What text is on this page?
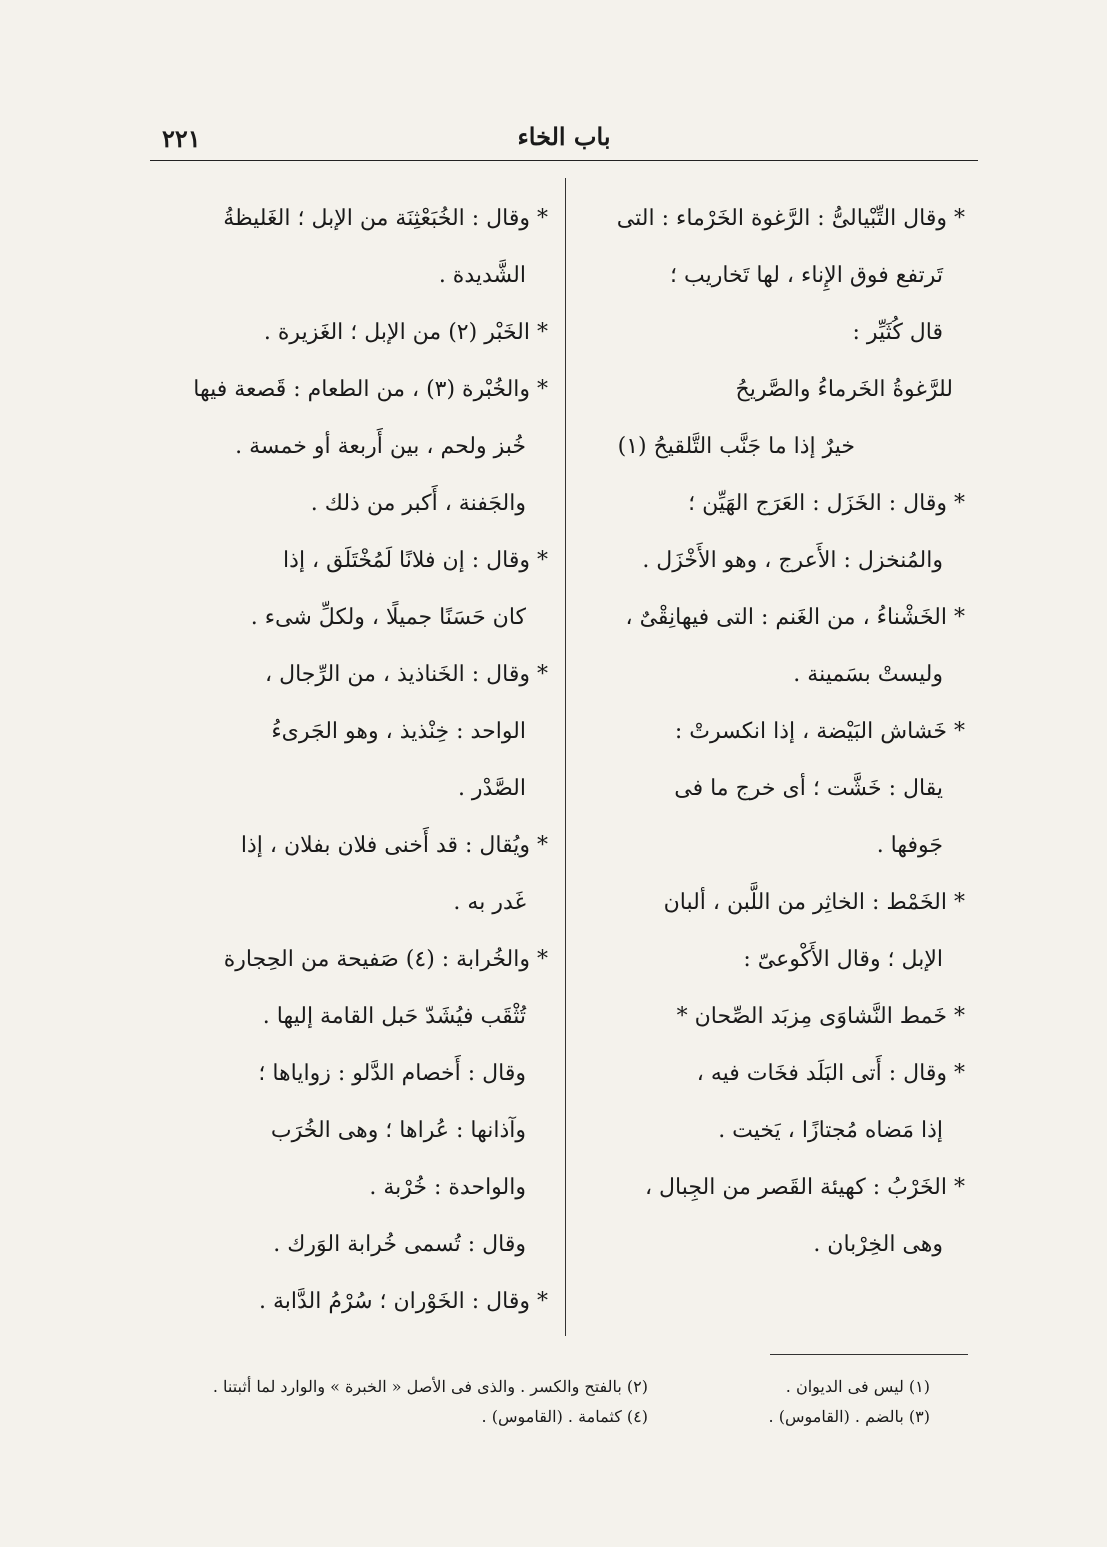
باب الخاء
٢٢١
* وقال التِّبْيالىُّ : الرَّغوة الخَرْماء : التى
تَرتفع فوق الإِناء ، لها تَخاريب ؛
قال كُثَيِّر :
للرَّغوةُ الخَرماءُ والصَّريحُ
خيرٌ إذا ما جَنَّب التَّلقيحُ (١)
* وقال : الخَزَل : العَرَج الهَيِّن ؛
والمُنخزل : الأَعرج ، وهو الأَخْزَل .
* الخَشْناءُ ، من الغَنم : التى فيهانِقْىٌ ،
وليستْ بسَمينة .
* خَشاش البَيْضة ، إذا انكسرتْ :
يقال : خَشَّت ؛ أى خرج ما فى
جَوفها .
* الخَمْط : الخاثِر من اللَّبن ، ألبان
الإبل ؛ وقال الأَكْوعىّ :
* خَمط النَّشاوَى مِزبَد الصِّحان *
* وقال : أَتى البَلَد فخَات فيه ،
إذا مَضاه مُجتازًا ، يَخيت .
* الخَرْبُ : كهيئة القَصر من الجِبال ،
وهى الخِرْبان .
* وقال : الخُبَعْثِنَة من الإبل ؛ الغَليظةُ
الشَّديدة .
* الخَبْر (٢) من الإبل ؛ الغَزيرة .
* والخُبْرة (٣) ، من الطعام : قَصعة فيها
خُبز ولحم ، بين أَربعة أو خمسة .
والجَفنة ، أَكبر من ذلك .
* وقال : إن فلانًا لَمُخْتَلَق ، إذا
كان حَسَنًا جميلًا ، ولكلِّ شىء .
* وقال : الخَناذيذ ، من الرِّجال ،
الواحد : خِنْذيذ ، وهو الجَرىءُ
الصَّدْر .
* ويُقال : قد أَخنى فلان بفلان ، إذا
غَدر به .
* والخُرابة : (٤) صَفيحة من الحِجارة
تُثْقَب فيُشَدّ حَبل القامة إليها .
وقال : أَخصام الدَّلو : زواياها ؛
وآذانها : عُراها ؛ وهى الخُرَب
والواحدة : خُرْبة .
وقال : تُسمى خُرابة الوَرك .
* وقال : الخَوْران ؛ سُرْمُ الدَّابة .
(١) ليس فى الديوان .
(٣) بالضم . (القاموس) .
(٢) بالفتح والكسر . والذى فى الأصل « الخبرة » والوارد لما أثبتنا .
(٤) كثمامة . (القاموس) .
